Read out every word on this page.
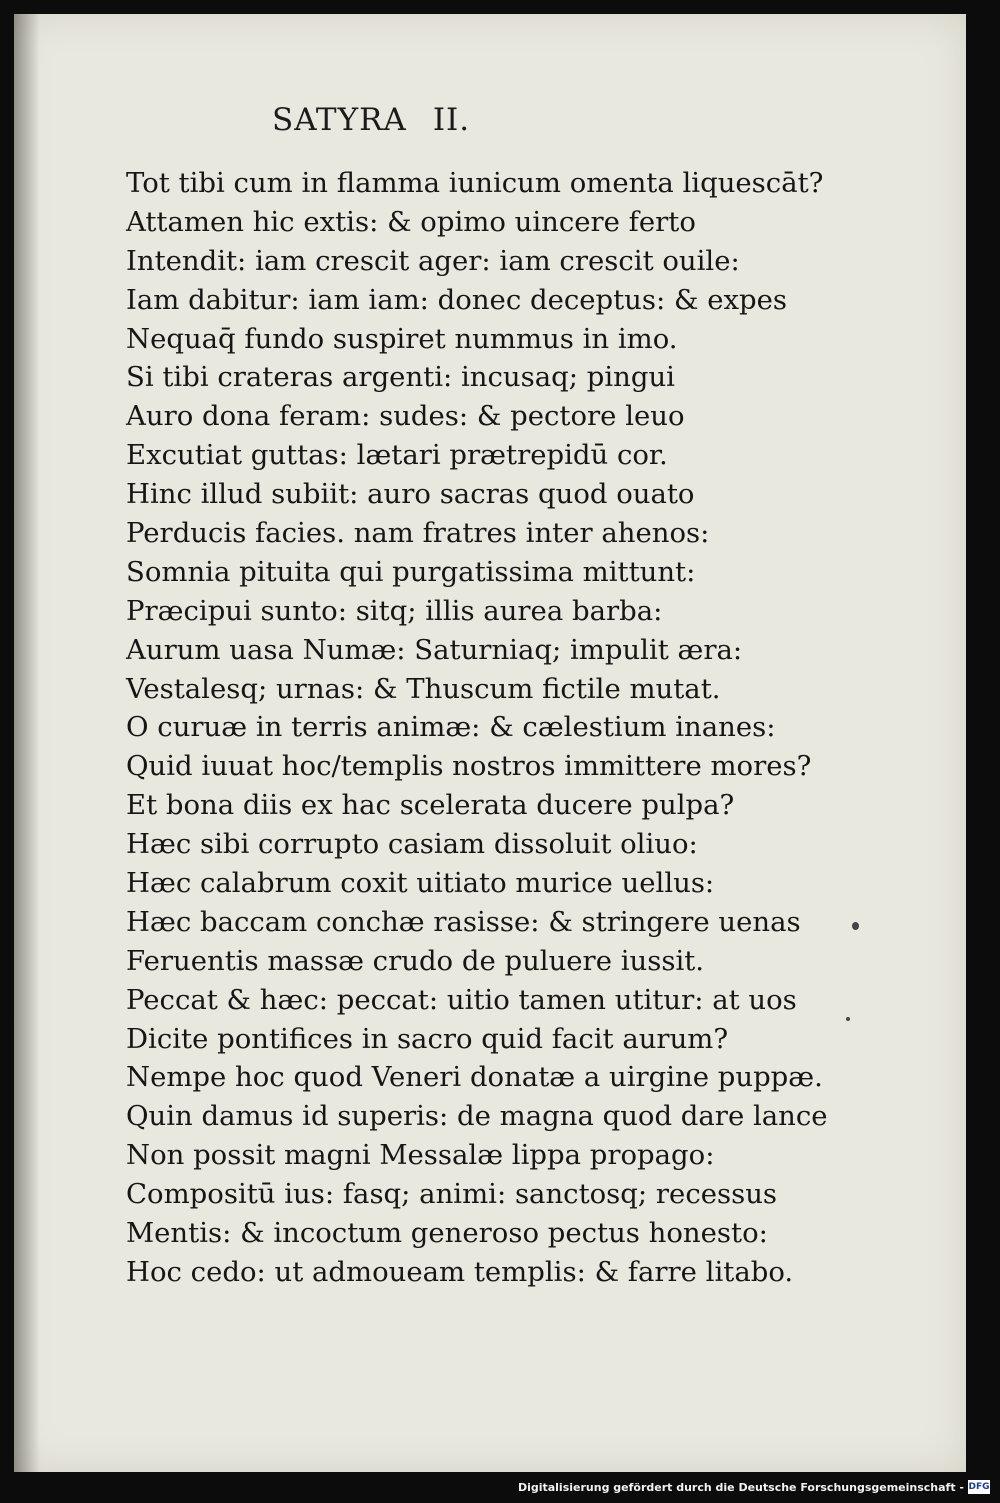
SATYRA II.
Tot tibi cum in flamma iunicum omenta liquescāt?
Attamen hic extis: & opimo uincere ferto
Intendit: iam crescit ager: iam crescit ouile:
Iam dabitur: iam iam: donec deceptus: & expes
Nequaq̄ fundo suspiret nummus in imo.
Si tibi crateras argenti: incusaq; pingui
Auro dona feram: sudes: & pectore leuo
Excutiat guttas: lætari prætrepidū cor.
Hinc illud subiit: auro sacras quod ouato
Perducis facies. nam fratres inter ahenos:
Somnia pituita qui purgatissima mittunt:
Præcipui sunto: sitq; illis aurea barba:
Aurum uasa Numæ: Saturniaq; impulit æra:
Vestalesq; urnas: & Thuscum fictile mutat.
O curuæ in terris animæ: & cælestium inanes:
Quid iuuat hoc/templis nostros immittere mores?
Et bona diis ex hac scelerata ducere pulpa?
Hæc sibi corrupto casiam dissoluit oliuo:
Hæc calabrum coxit uitiato murice uellus:
Hæc baccam conchæ rasisse: & stringere uenas
Feruentis massæ crudo de puluere iussit.
Peccat & hæc: peccat: uitio tamen utitur: at uos
Dicite pontifices in sacro quid facit aurum?
Nempe hoc quod Veneri donatæ a uirgine puppæ.
Quin damus id superis: de magna quod dare lance
Non possit magni Messalæ lippa propago:
Compositū ius: fasq; animi: sanctosq; recessus
Mentis: & incoctum generoso pectus honesto:
Hoc cedo: ut admoueam templis: & farre litabo.
Digitalisierung gefördert durch die Deutsche Forschungsgemeinschaft - DFG
